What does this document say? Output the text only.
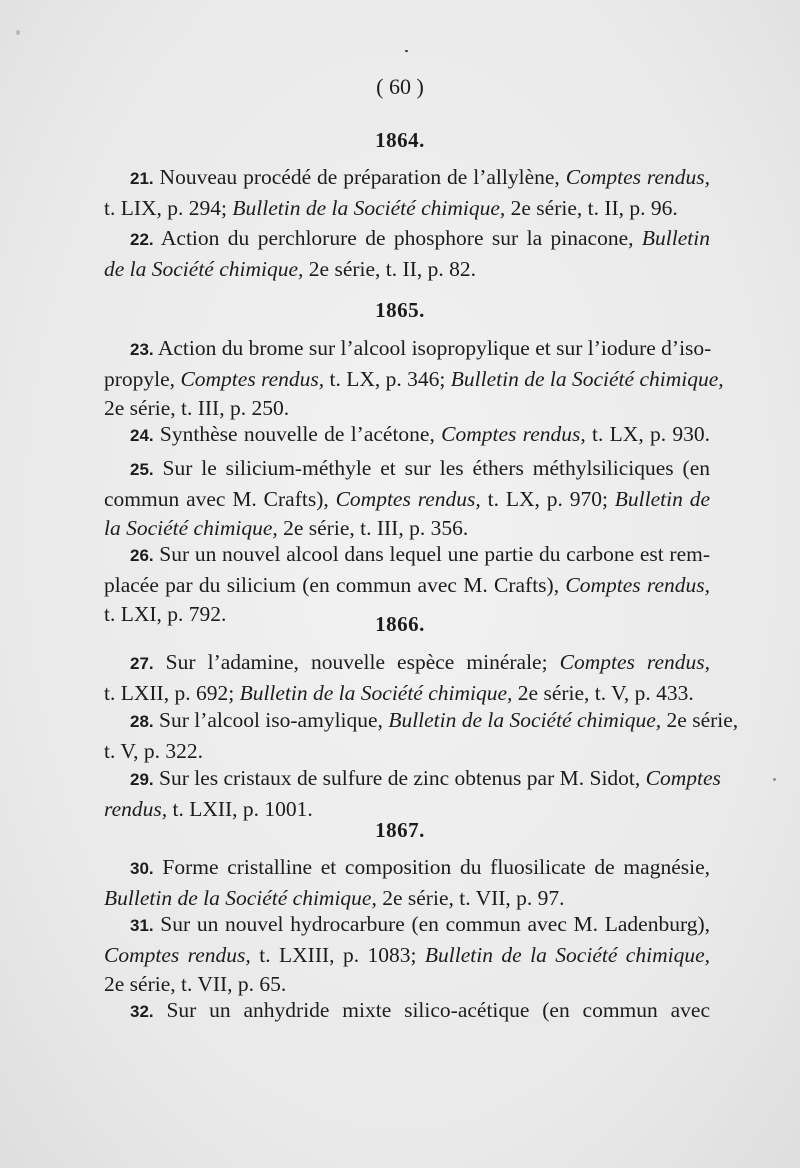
( 60 )
1864.
21. Nouveau procédé de préparation de l’allylène, Comptes rendus,
t. LIX, p. 294; Bulletin de la Société chimique, 2e série, t. II, p. 96.
22. Action du perchlorure de phosphore sur la pinacone, Bulletin
de la Société chimique, 2e série, t. II, p. 82.
1865.
23. Action du brome sur l’alcool isopropylique et sur l’iodure d’iso-
propyle, Comptes rendus, t. LX, p. 346; Bulletin de la Société chimique,
2e série, t. III, p. 250.
24. Synthèse nouvelle de l’acétone, Comptes rendus, t. LX, p. 930.
25. Sur le silicium-méthyle et sur les éthers méthylsiliciques (en
commun avec M. Crafts), Comptes rendus, t. LX, p. 970; Bulletin de
la Société chimique, 2e série, t. III, p. 356.
26. Sur un nouvel alcool dans lequel une partie du carbone est rem-
placée par du silicium (en commun avec M. Crafts), Comptes rendus,
t. LXI, p. 792.	1866.
27. Sur l’adamine, nouvelle espèce minérale; Comptes rendus,
t. LXII, p. 692; Bulletin de la Société chimique, 2e série, t. V, p. 433.
28. Sur l’alcool iso-amylique, Bulletin de la Société chimique, 2e série,
t. V, p. 322.
29. Sur les cristaux de sulfure de zinc obtenus par M. Sidot, Comptes
rendus, t. LXII, p. 1001.
1867.
30. Forme cristalline et composition du fluosilicate de magnésie,
Bulletin de la Société chimique, 2e série, t. VII, p. 97.
31. Sur un nouvel hydrocarbure (en commun avec M. Ladenburg),
Comptes rendus, t. LXIII, p. 1083; Bulletin de la Société chimique,
2e série, t. VII, p. 65.
32. Sur un anhydride mixte silico-acétique (en commun avec
